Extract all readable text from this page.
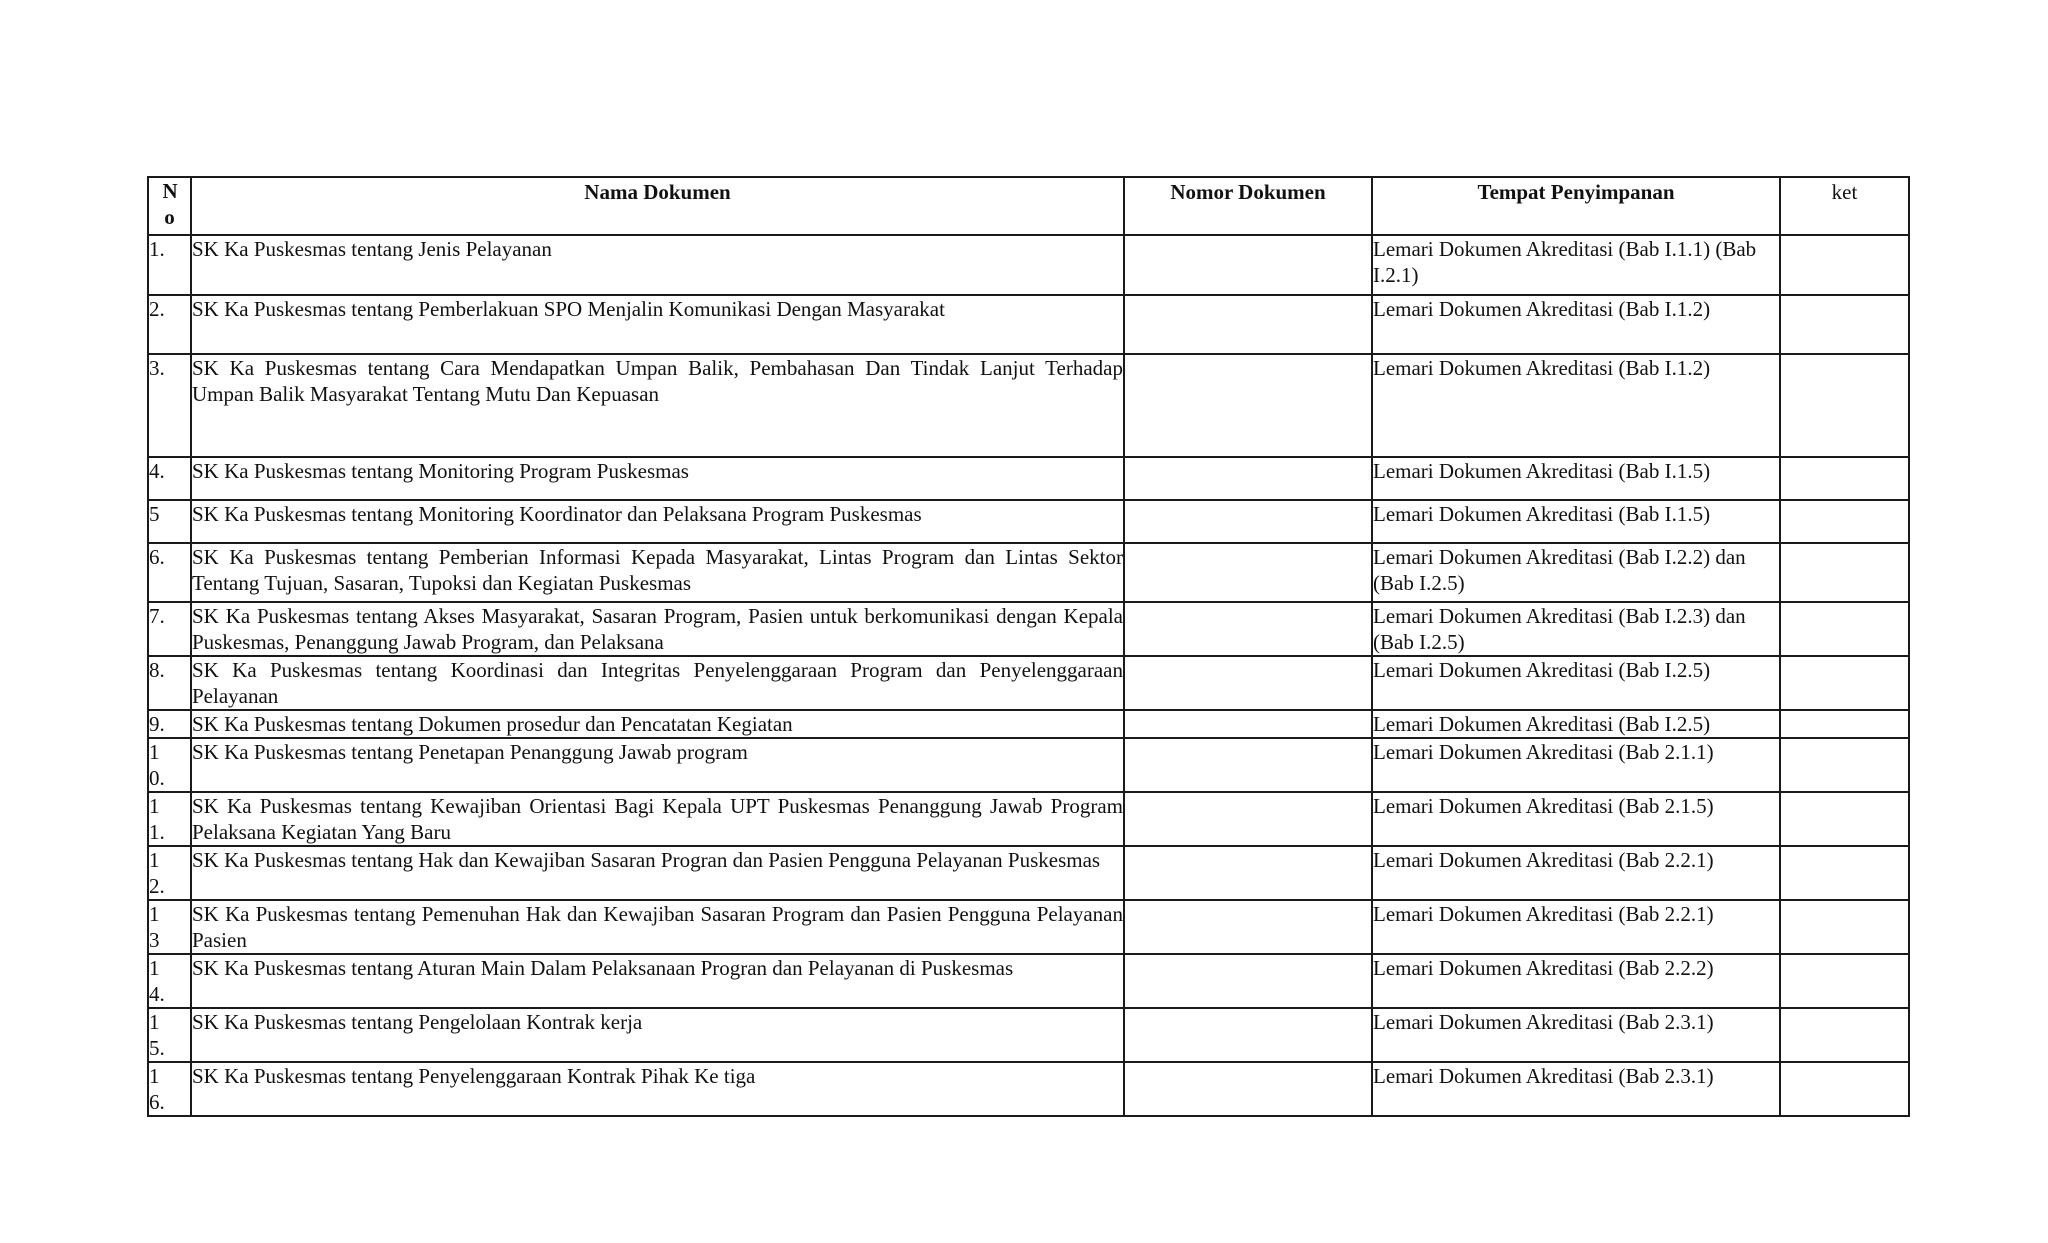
No	Nama Dokumen	Nomor Dokumen	Tempat Penyimpanan	ket

1.	SK Ka Puskesmas tentang Jenis Pelayanan		Lemari Dokumen Akreditasi (Bab I.1.1) (Bab I.2.1)	

2.	SK Ka Puskesmas tentang Pemberlakuan SPO Menjalin Komunikasi Dengan Masyarakat		Lemari Dokumen Akreditasi (Bab I.1.2)	

3.	SK Ka Puskesmas tentang Cara Mendapatkan Umpan Balik, Pembahasan Dan Tindak Lanjut Terhadap Umpan Balik Masyarakat Tentang Mutu Dan Kepuasan		Lemari Dokumen Akreditasi (Bab I.1.2)	

4.	SK Ka Puskesmas tentang Monitoring Program Puskesmas		Lemari Dokumen Akreditasi (Bab I.1.5)	

5	SK Ka Puskesmas tentang Monitoring Koordinator dan Pelaksana Program Puskesmas		Lemari Dokumen Akreditasi (Bab I.1.5)	

6.	SK Ka Puskesmas tentang Pemberian Informasi Kepada Masyarakat, Lintas Program dan Lintas Sektor Tentang Tujuan, Sasaran, Tupoksi dan Kegiatan Puskesmas		Lemari Dokumen Akreditasi (Bab I.2.2) dan (Bab I.2.5)	

7.	SK Ka Puskesmas tentang Akses Masyarakat, Sasaran Program, Pasien untuk berkomunikasi dengan Kepala Puskesmas, Penanggung Jawab Program, dan Pelaksana		Lemari Dokumen Akreditasi (Bab I.2.3) dan (Bab I.2.5)	

8.	SK Ka Puskesmas tentang Koordinasi dan Integritas Penyelenggaraan Program dan Penyelenggaraan Pelayanan		Lemari Dokumen Akreditasi (Bab I.2.5)	

9.	SK Ka Puskesmas tentang Dokumen prosedur dan Pencatatan Kegiatan		Lemari Dokumen Akreditasi (Bab I.2.5)	

10.	SK Ka Puskesmas tentang Penetapan Penanggung Jawab program		Lemari Dokumen Akreditasi (Bab 2.1.1)	

11.	SK Ka Puskesmas tentang Kewajiban Orientasi Bagi Kepala UPT Puskesmas Penanggung Jawab Program Pelaksana Kegiatan Yang Baru		Lemari Dokumen Akreditasi (Bab 2.1.5)	

12.	SK Ka Puskesmas tentang Hak dan Kewajiban Sasaran Progran dan Pasien Pengguna Pelayanan Puskesmas		Lemari Dokumen Akreditasi (Bab 2.2.1)	

13	SK Ka Puskesmas tentang Pemenuhan Hak dan Kewajiban Sasaran Program dan Pasien Pengguna Pelayanan Pasien		Lemari Dokumen Akreditasi (Bab 2.2.1)	

14.	SK Ka Puskesmas tentang Aturan Main Dalam Pelaksanaan Progran dan Pelayanan di Puskesmas		Lemari Dokumen Akreditasi (Bab 2.2.2)	

15.	SK Ka Puskesmas tentang Pengelolaan Kontrak kerja		Lemari Dokumen Akreditasi (Bab 2.3.1)	

16.	SK Ka Puskesmas tentang Penyelenggaraan Kontrak Pihak Ke tiga		Lemari Dokumen Akreditasi (Bab 2.3.1)	
